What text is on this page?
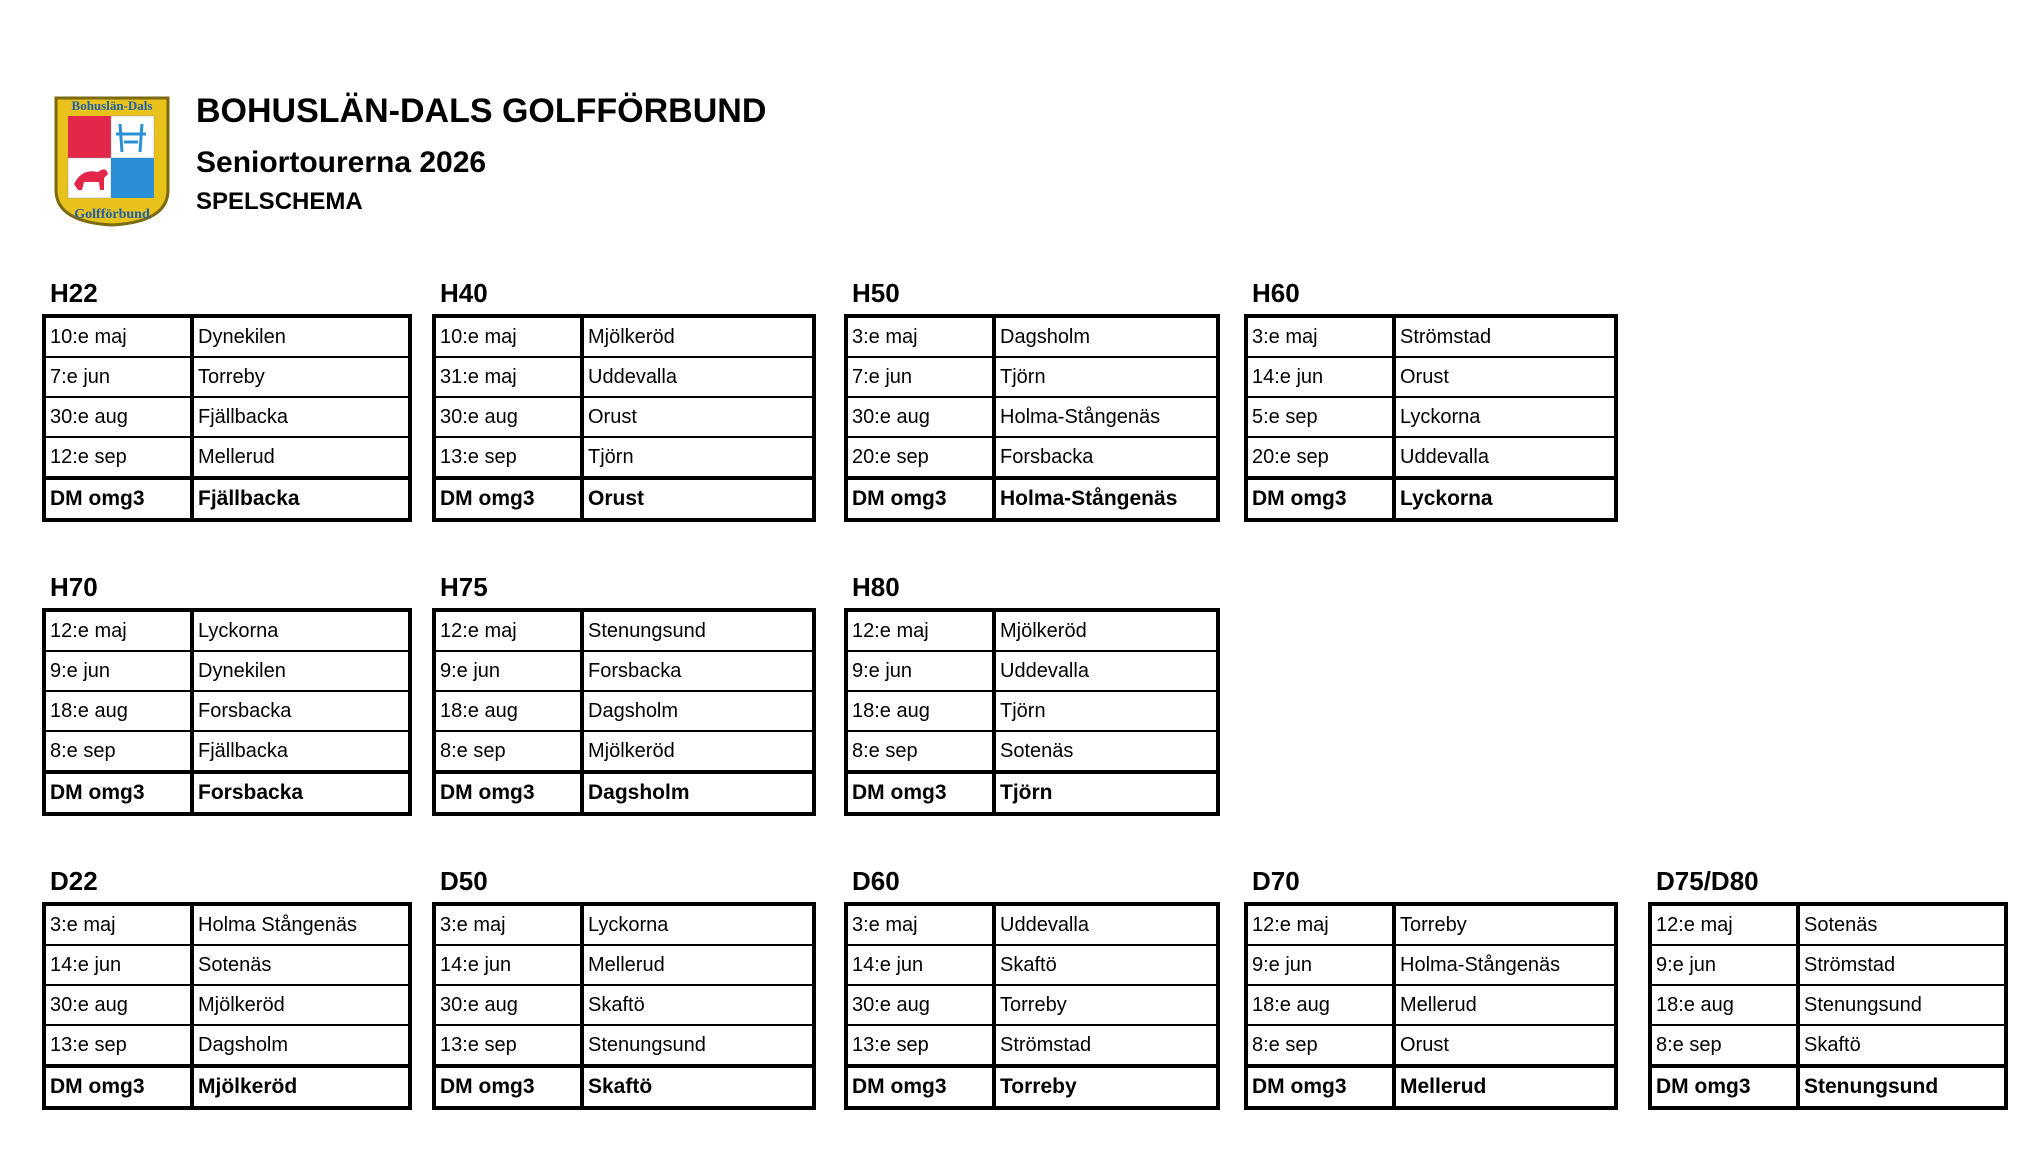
Bohuslän-Dals
Golfförbund
BOHUSLÄN-DALS GOLFFÖRBUND
Seniortourerna 2026
SPELSCHEMA
H22
10:e maj	Dynekilen
7:e jun	Torreby
30:e aug	Fjällbacka
12:e sep	Mellerud
DM omg3	Fjällbacka
H40
10:e maj	Mjölkeröd
31:e maj	Uddevalla
30:e aug	Orust
13:e sep	Tjörn
DM omg3	Orust
H50
3:e maj	Dagsholm
7:e jun	Tjörn
30:e aug	Holma-Stångenäs
20:e sep	Forsbacka
DM omg3	Holma-Stångenäs
H60
3:e maj	Strömstad
14:e jun	Orust
5:e sep	Lyckorna
20:e sep	Uddevalla
DM omg3	Lyckorna
H70
12:e maj	Lyckorna
9:e jun	Dynekilen
18:e aug	Forsbacka
8:e sep	Fjällbacka
DM omg3	Forsbacka
H75
12:e maj	Stenungsund
9:e jun	Forsbacka
18:e aug	Dagsholm
8:e sep	Mjölkeröd
DM omg3	Dagsholm
H80
12:e maj	Mjölkeröd
9:e jun	Uddevalla
18:e aug	Tjörn
8:e sep	Sotenäs
DM omg3	Tjörn
D22
3:e maj	Holma Stångenäs
14:e jun	Sotenäs
30:e aug	Mjölkeröd
13:e sep	Dagsholm
DM omg3	Mjölkeröd
D50
3:e maj	Lyckorna
14:e jun	Mellerud
30:e aug	Skaftö
13:e sep	Stenungsund
DM omg3	Skaftö
D60
3:e maj	Uddevalla
14:e jun	Skaftö
30:e aug	Torreby
13:e sep	Strömstad
DM omg3	Torreby
D70
12:e maj	Torreby
9:e jun	Holma-Stångenäs
18:e aug	Mellerud
8:e sep	Orust
DM omg3	Mellerud
D75/D80
12:e maj	Sotenäs
9:e jun	Strömstad
18:e aug	Stenungsund
8:e sep	Skaftö
DM omg3	Stenungsund
